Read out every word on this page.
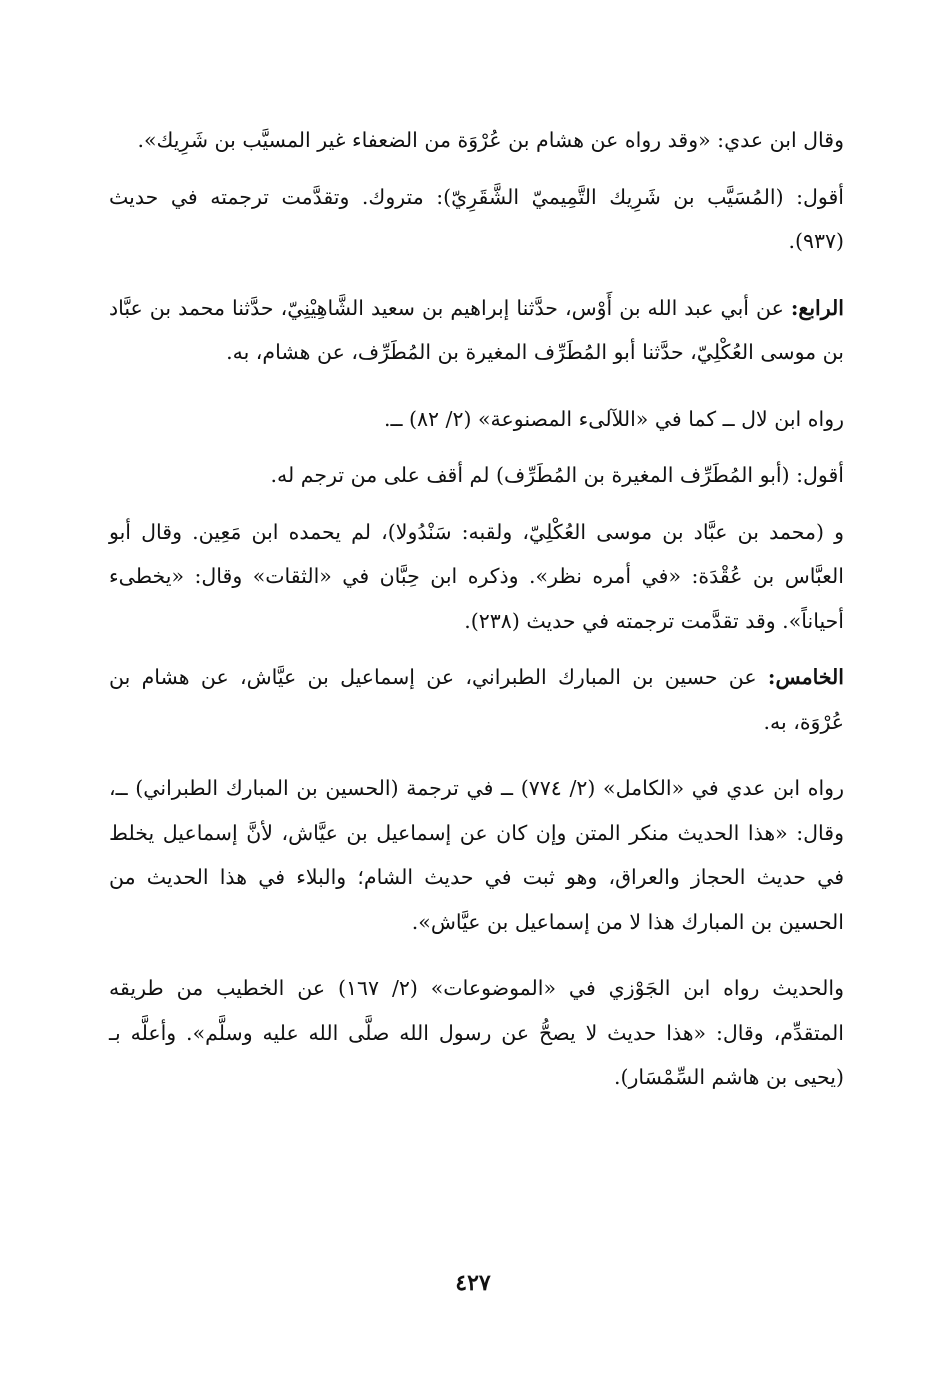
وقال ابن عدي: «وقد رواه عن هشام بن عُرْوَة من الضعفاء غير المسيَّب بن شَرِيك».

أقول: (المُسَيَّب بن شَرِيك التَّمِيميّ الشَّقَرِيّ): متروك. وتقدَّمت ترجمته في حديث (٩٣٧).

الرابع: عن أبي عبد الله بن أَوْس، حدَّثنا إبراهيم بن سعيد الشَّاهِيْنِيّ، حدَّثنا محمد بن عبَّاد بن موسى العُكْلِيّ، حدَّثنا أبو المُطَرِّف المغيرة بن المُطَرِّف، عن هشام، به.

رواه ابن لال ــ كما في «اللآلىء المصنوعة» (٢/ ٨٢) ــ.

أقول: (أبو المُطَرِّف المغيرة بن المُطَرِّف) لم أقف على من ترجم له.

و (محمد بن عبَّاد بن موسى العُكْلِيّ، ولقبه: سَنْدُولا)، لم يحمده ابن مَعِين. وقال أبو العبَّاس بن عُقْدَة: «في أمره نظر». وذكره ابن حِبَّان في «الثقات» وقال: «يخطىء أحياناً». وقد تقدَّمت ترجمته في حديث (٢٣٨).

الخامس: عن حسين بن المبارك الطبراني، عن إسماعيل بن عيَّاش، عن هشام بن عُرْوَة، به.

رواه ابن عدي في «الكامل» (٢/ ٧٧٤) ــ في ترجمة (الحسين بن المبارك الطبراني) ــ، وقال: «هذا الحديث منكر المتن وإن كان عن إسماعيل بن عيَّاش، لأنَّ إسماعيل يخلط في حديث الحجاز والعراق، وهو ثبت في حديث الشام؛ والبلاء في هذا الحديث من الحسين بن المبارك هذا لا من إسماعيل بن عيَّاش».

والحديث رواه ابن الجَوْزي في «الموضوعات» (٢/ ١٦٧) عن الخطيب من طريقه المتقدِّم، وقال: «هذا حديث لا يصحُّ عن رسول الله صلَّى الله عليه وسلَّم». وأعلَّه بـ (يحيى بن هاشم السِّمْسَار).

٤٢٧
